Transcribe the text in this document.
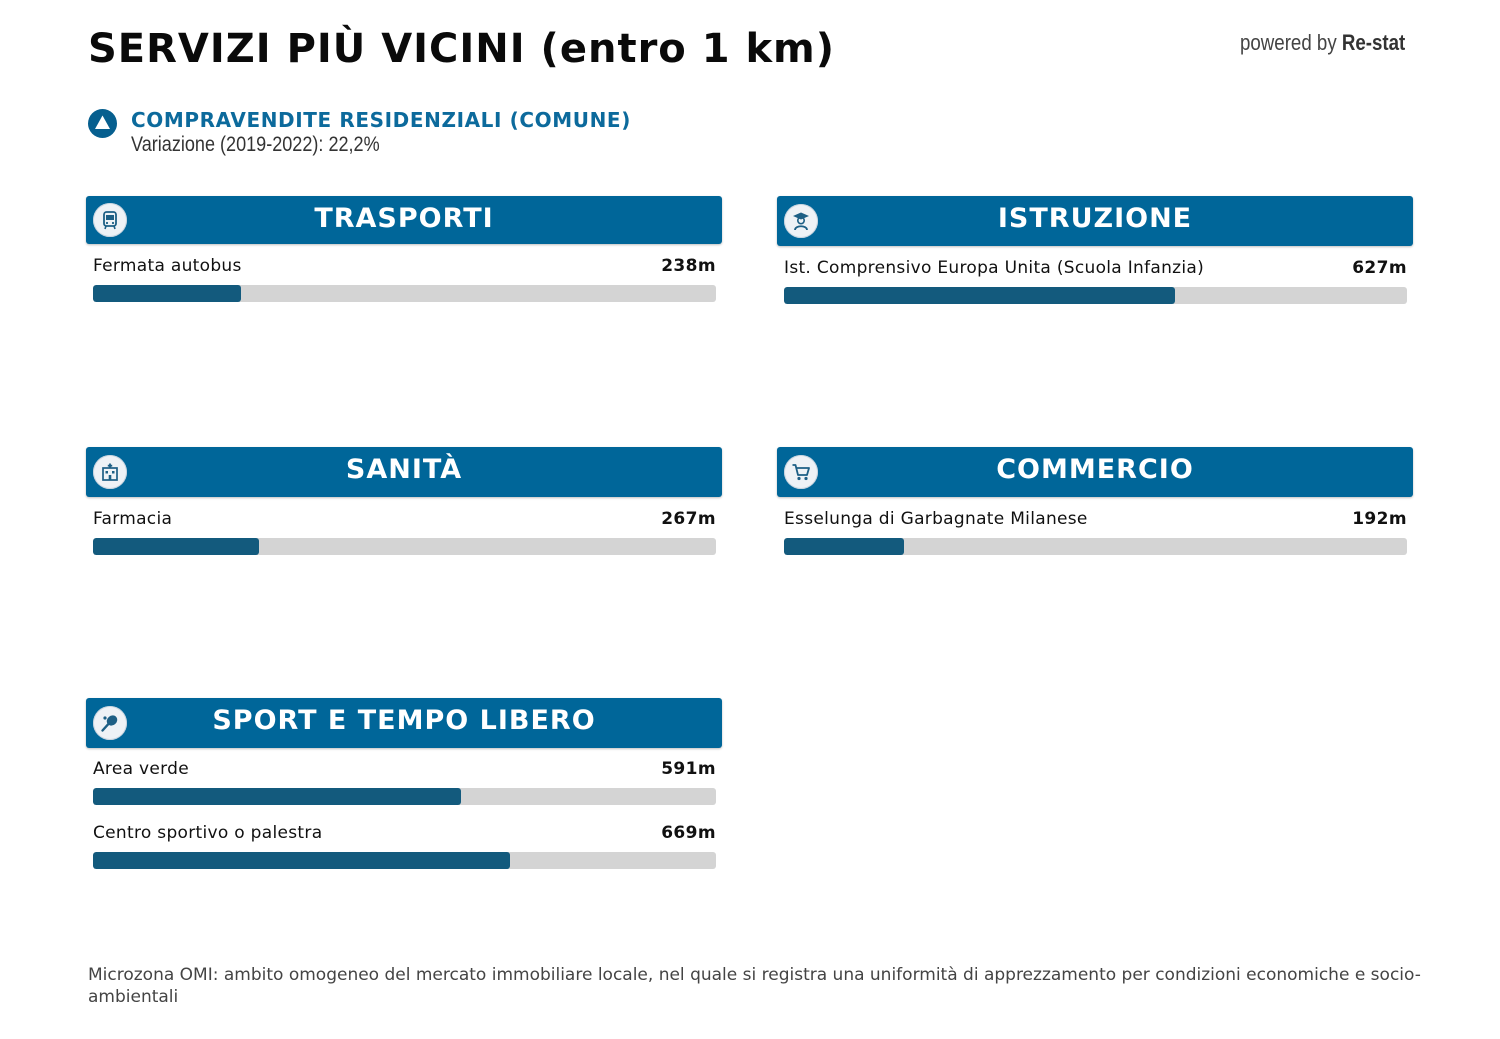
SERVIZI PIÙ VICINI (entro 1 km)	powered by Re-stat
COMPRAVENDITE RESIDENZIALI (COMUNE)
Variazione (2019-2022): 22,2%
TRASPORTI
Fermata autobus	238m
ISTRUZIONE
Ist. Comprensivo Europa Unita (Scuola Infanzia)	627m
SANITÀ
Farmacia	267m
COMMERCIO
Esselunga di Garbagnate Milanese	192m
SPORT E TEMPO LIBERO
Area verde	591m
Centro sportivo o palestra	669m
Microzona OMI: ambito omogeneo del mercato immobiliare locale, nel quale si registra una uniformità di apprezzamento per condizioni economiche e socio-ambientali
